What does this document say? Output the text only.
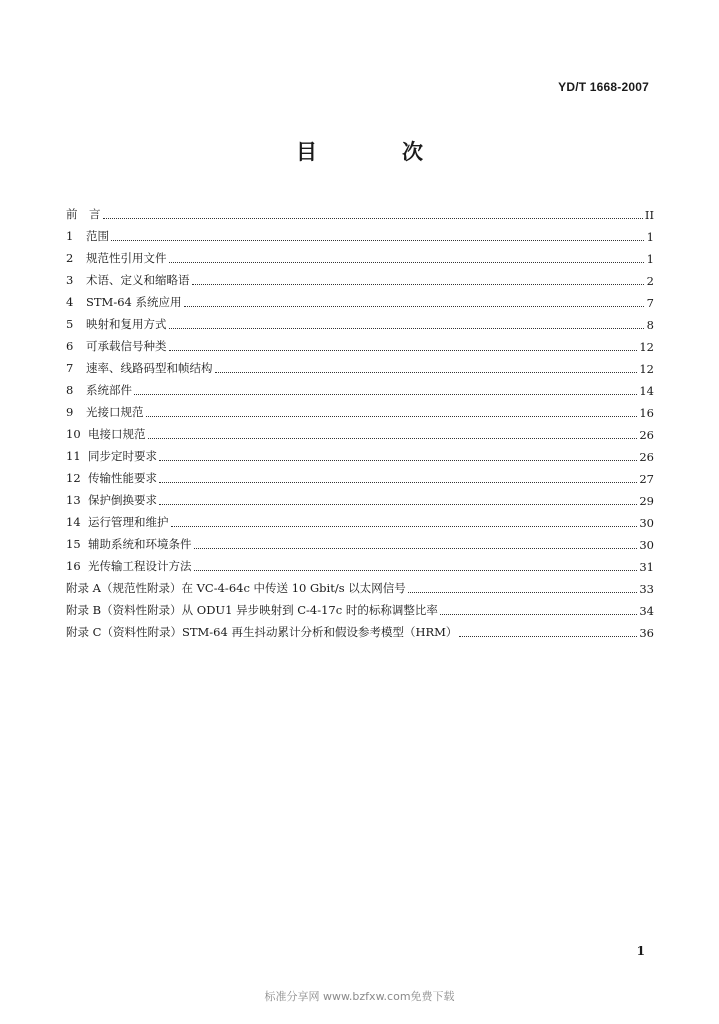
YD/T 1668-2007
目　次
前　言	II
1 范围	1
2 规范性引用文件	1
3 术语、定义和缩略语	2
4 STM-64 系统应用	7
5 映射和复用方式	8
6 可承载信号种类	12
7 速率、线路码型和帧结构	12
8 系统部件	14
9 光接口规范	16
10 电接口规范	26
11 同步定时要求	26
12 传输性能要求	27
13 保护倒换要求	29
14 运行管理和维护	30
15 辅助系统和环境条件	30
16 光传输工程设计方法	31
附录 A（规范性附录）在 VC-4-64c 中传送 10 Gbit/s 以太网信号	33
附录 B（资料性附录）从 ODU1 异步映射到 C-4-17c 时的标称调整比率	34
附录 C（资料性附录）STM-64 再生抖动累计分析和假设参考模型（HRM）	36
1
标准分享网 www.bzfxw.com免费下载
